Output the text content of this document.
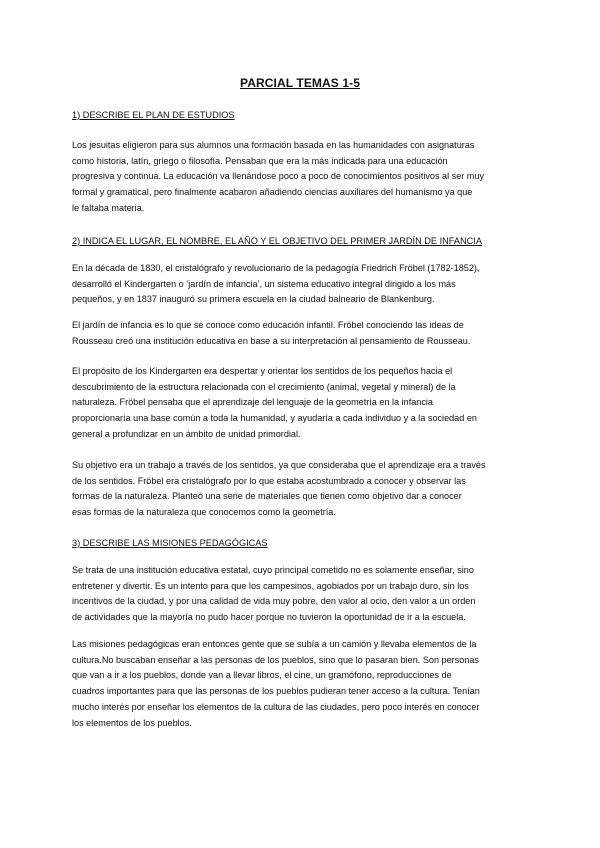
PARCIAL TEMAS 1-5
1) DESCRIBE EL PLAN DE ESTUDIOS
Los jesuitas eligieron para sus alumnos una formación basada en las humanidades con asignaturas
como historia, latín, griego o filosofía. Pensaban que era la más indicada para una educación
progresiva y continua. La educación va llenándose poco a poco de conocimientos positivos al ser muy
formal y gramatical, pero finalmente acabaron añadiendo ciencias auxiliares del humanismo ya que
le faltaba materia.
2) INDICA EL LUGAR, EL NOMBRE, EL AÑO Y EL OBJETIVO DEL PRIMER JARDÍN DE INFANCIA
En la década de 1830, el cristalógrafo y revolucionario de la pedagogía Friedrich Fröbel (1782-1852),
desarrolló el Kindergarten o ‘jardín de infancia’, un sistema educativo integral dirigido a los más
pequeños, y en 1837 inauguró su primera escuela en la ciudad balneario de Blankenburg.
El jardín de infancia es lo que se conoce como educación infantil. Fröbel conociendo las ideas de
Rousseau creó una institución educativa en base a su interpretación al pensamiento de Rousseau.
El propósito de los Kindergarten era despertar y orientar los sentidos de los pequeños hacia el
descubrimiento de la estructura relacionada con el crecimiento (animal, vegetal y mineral) de la
naturaleza. Fröbel pensaba que el aprendizaje del lenguaje de la geometría en la infancia
proporcionaría una base común a toda la humanidad, y ayudaría a cada individuo y a la sociedad en
general a profundizar en un ámbito de unidad primordial.
Su objetivo era un trabajo a través de los sentidos, ya que consideraba que el aprendizaje era a través
de los sentidos. Fröbel era cristalógrafo por lo que estaba acostumbrado a conocer y observar las
formas de la naturaleza. Planteó una serie de materiales que tienen como objetivo dar a conocer
esas formas de la naturaleza que conocemos como la geometría.
3) DESCRIBE LAS MISIONES PEDAGÓGICAS
Se trata de una institución educativa estatal, cuyo principal cometido no es solamente enseñar, sino
entretener y divertir. Es un intento para que los campesinos, agobiados por un trabajo duro, sin los
incentivos de la ciudad, y por una calidad de vida muy pobre, den valor al ocio, den valor a un orden
de actividades que la mayoría no pudo hacer porque no tuvieron la oportunidad de ir a la escuela.
Las misiones pedagógicas eran entonces gente que se subía a un camión y llevaba elementos de la
cultura.No buscaban enseñar a las personas de los pueblos, sino que lo pasaran bien. Son personas
que van a ir a los pueblos, donde van a llevar libros, el cine, un gramófono, reproducciones de
cuadros importantes para que las personas de los pueblos pudieran tener acceso a la cultura. Tenían
mucho interés por enseñar los elementos de la cultura de las ciudades, pero poco interés en conocer
los elementos de los pueblos.
